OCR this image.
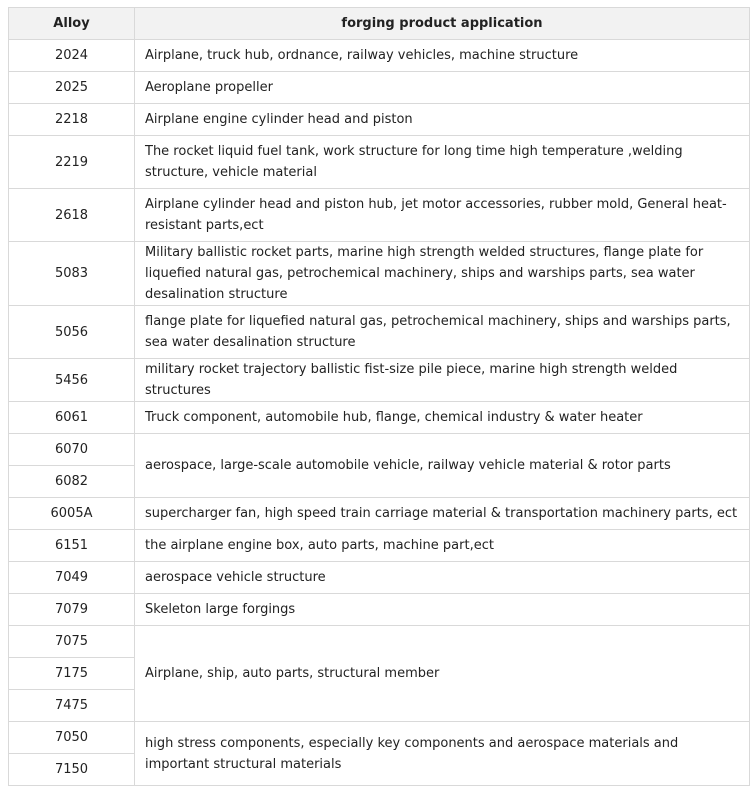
Alloy	forging product application
2024	Airplane, truck hub, ordnance, railway vehicles, machine structure
2025	Aeroplane propeller
2218	Airplane engine cylinder head and piston
2219	The rocket liquid fuel tank, work structure for long time high temperature ,welding structure, vehicle material
2618	Airplane cylinder head and piston hub, jet motor accessories, rubber mold, General heat-resistant parts,ect
5083	Military ballistic rocket parts, marine high strength welded structures, flange plate for liquefied natural gas, petrochemical machinery, ships and warships parts, sea water desalination structure
5056	flange plate for liquefied natural gas, petrochemical machinery, ships and warships parts, sea water desalination structure
5456	military rocket trajectory ballistic fist-size pile piece, marine high strength welded structures
6061	Truck component, automobile hub, flange, chemical industry & water heater
6070	aerospace, large-scale automobile vehicle, railway vehicle material & rotor parts
6082	
6005A	supercharger fan, high speed train carriage material & transportation machinery parts, ect
6151	the airplane engine box, auto parts, machine part,ect
7049	aerospace vehicle structure
7079	Skeleton large forgings
7075	Airplane, ship, auto parts, structural member
7175	
7475	
7050	high stress components, especially key components and aerospace materials and important structural materials
7150	
